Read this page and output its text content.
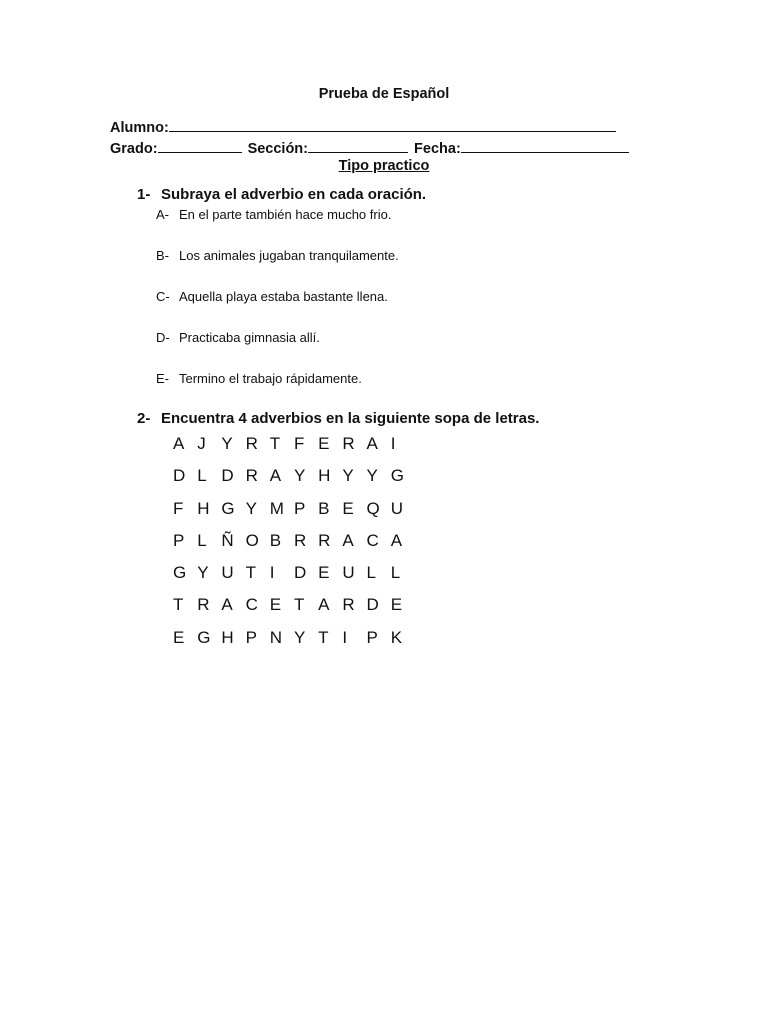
Prueba de Español
Alumno:
Grado:	Sección:	Fecha:
Tipo practico
1- Subraya el adverbio en cada oración.
A- En el parte también hace mucho frio.
B- Los animales jugaban tranquilamente.
C- Aquella playa estaba bastante llena.
D- Practicaba gimnasia allí.
E- Termino el trabajo rápidamente.
2- Encuentra 4 adverbios en la siguiente sopa de letras.
A J Y R T F E R A I
D L D R A Y H Y Y G
F H G Y M P B E Q U
P L Ñ O B R R A C A
G Y U T I	D E U L L
T R A C E T A R D E
E G H P N Y T I	P K
